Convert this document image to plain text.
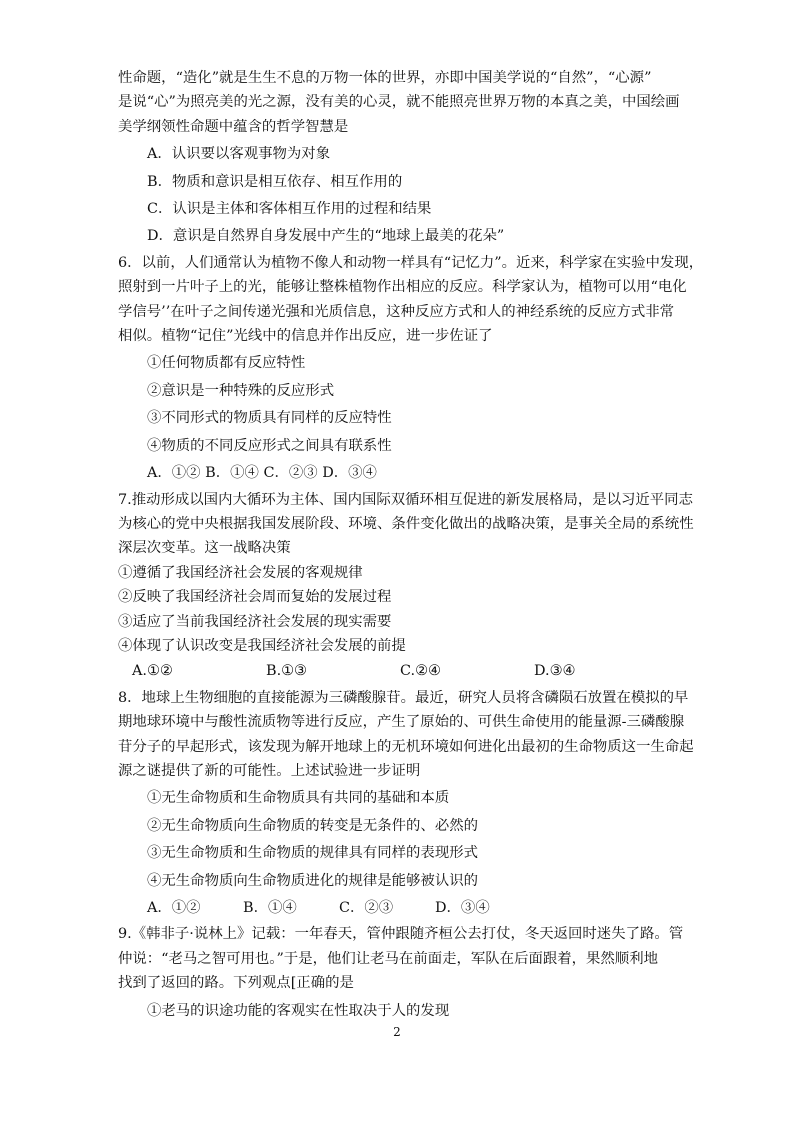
性命题，“造化”就是生生不息的万物一体的世界，亦即中国美学说的“自然”，“心源”

是说“心”为照亮美的光之源，没有美的心灵，就不能照亮世界万物的本真之美，中国绘画

美学纲领性命题中蕴含的哲学智慧是

A．认识要以客观事物为对象

B．物质和意识是相互依存、相互作用的

C．认识是主体和客体相互作用的过程和结果

D．意识是自然界自身发展中产生的“地球上最美的花朵”

6．以前，人们通常认为植物不像人和动物一样具有“记忆力”。近来，科学家在实验中发现，

照射到一片叶子上的光，能够让整株植物作出相应的反应。科学家认为，植物可以用“电化

学信号’’在叶子之间传递光强和光质信息，这种反应方式和人的神经系统的反应方式非常

相似。植物“记住”光线中的信息并作出反应，进一步佐证了

①任何物质都有反应特性

②意识是一种特殊的反应形式

③不同形式的物质具有同样的反应特性

④物质的不同反应形式之间具有联系性

A．①② B．①④ C．②③ D．③④

7.推动形成以国内大循环为主体、国内国际双循环相互促进的新发展格局，是以习近平同志

为核心的党中央根据我国发展阶段、环境、条件变化做出的战略决策，是事关全局的系统性

深层次变革。这一战略决策

①遵循了我国经济社会发展的客观规律

②反映了我国经济社会周而复始的发展过程

③适应了当前我国经济社会发展的现实需要

④体现了认识改变是我国经济社会发展的前提

A.①②	B.①③	C.②④	D.③④

8．地球上生物细胞的直接能源为三磷酸腺苷。最近，研究人员将含磷陨石放置在模拟的早

期地球环境中与酸性流质物等进行反应，产生了原始的、可供生命使用的能量源-三磷酸腺

苷分子的早起形式，该发现为解开地球上的无机环境如何进化出最初的生命物质这一生命起

源之谜提供了新的可能性。上述试验进一步证明

①无生命物质和生命物质具有共同的基础和本质

②无生命物质向生命物质的转变是无条件的、必然的

③无生命物质和生命物质的规律具有同样的表现形式

④无生命物质向生命物质进化的规律是能够被认识的

A．①②	B．①④	C．②③	D．③④

9.《韩非子·说林上》记载：一年春天，管仲跟随齐桓公去打仗，冬天返回时迷失了路。管

仲说：“老马之智可用也。”于是，他们让老马在前面走，军队在后面跟着，果然顺利地

找到了返回的路。下列观点[正确的是

①老马的识途功能的客观实在性取决于人的发现

2
